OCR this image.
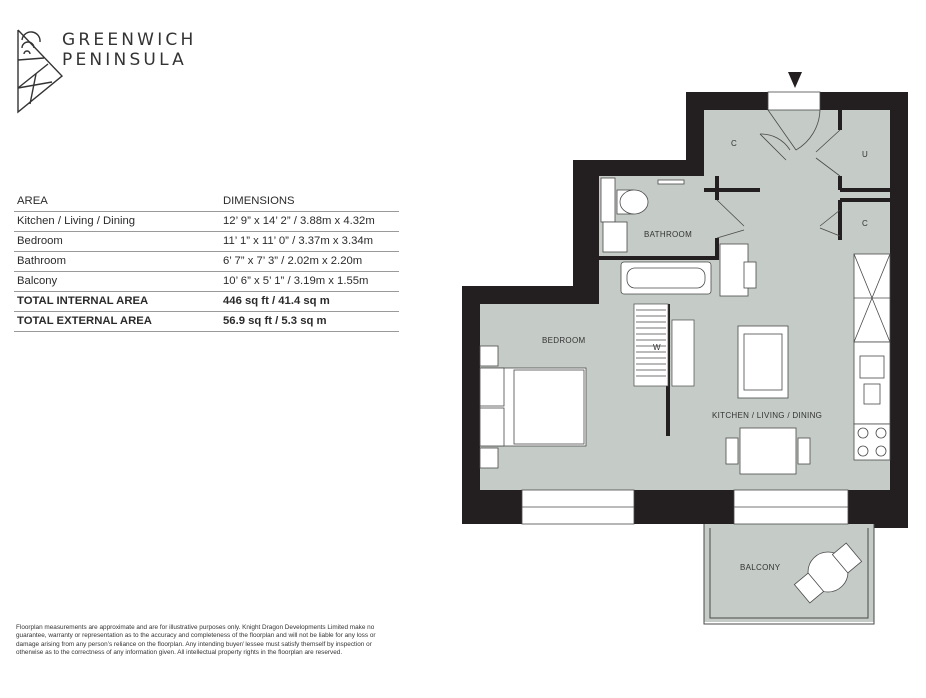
GREENWICH
PENINSULA
AREA	DIMENSIONS
Kitchen / Living / Dining	12’ 9” x 14’ 2” / 3.88m x 4.32m
Bedroom	11’ 1” x 11’ 0” / 3.37m x 3.34m
Bathroom	6’ 7” x 7’ 3” / 2.02m x 2.20m
Balcony	10’ 6” x 5’ 1” / 3.19m x 1.55m
TOTAL INTERNAL AREA	446 sq ft / 41.4 sq m
TOTAL EXTERNAL AREA	56.9 sq ft / 5.3 sq m
BATHROOM
BEDROOM
KITCHEN / LIVING / DINING
BALCONY
C
U
C
W
Floorplan measurements are approximate and are for illustrative purposes only. Knight Dragon Developments Limited make no guarantee, warranty or representation as to the accuracy and completeness of the floorplan and will not be liable for any loss or damage arising from any person’s reliance on the floorplan. Any intending buyer/ lessee must satisfy themself by inspection or otherwise as to the correctness of any information given. All intellectual property rights in the floorplan are reserved.
